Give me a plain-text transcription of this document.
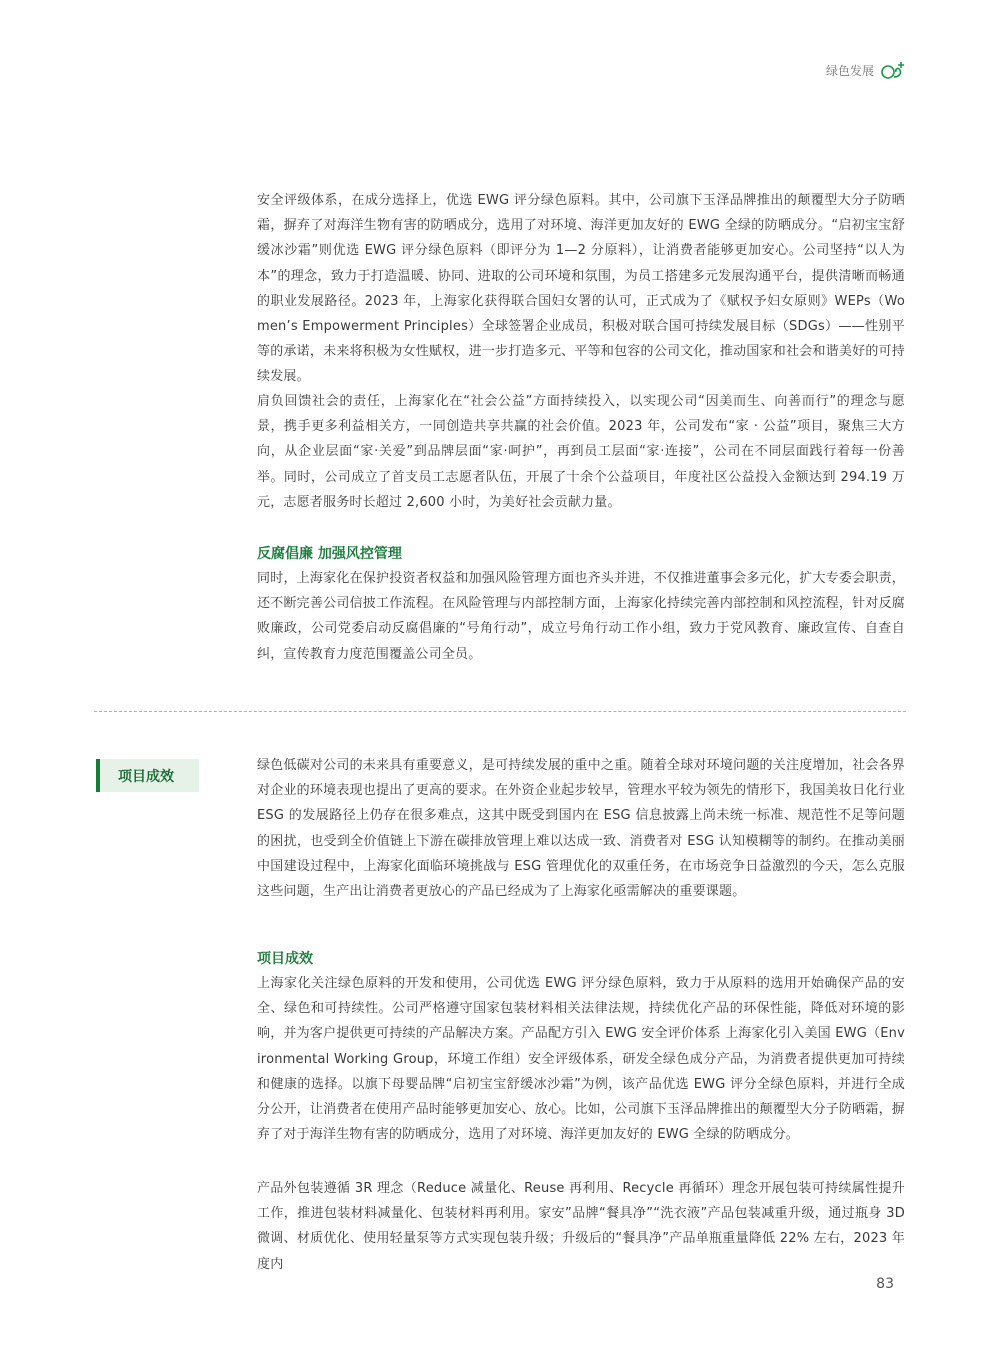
绿色发展

安全评级体系，在成分选择上，优选 EWG 评分绿色原料。其中，公司旗下玉泽品牌推出的颠覆型大分子防晒霜，摒弃了对海洋生物有害的防晒成分，选用了对环境、海洋更加友好的 EWG 全绿的防晒成分。“启初宝宝舒缓冰沙霜”则优选 EWG 评分绿色原料（即评分为 1—2 分原料），让消费者能够更加安心。公司坚持“以人为本”的理念，致力于打造温暖、协同、进取的公司环境和氛围，为员工搭建多元发展沟通平台，提供清晰而畅通的职业发展路径。2023 年，上海家化获得联合国妇女署的认可，正式成为了《赋权予妇女原则》WEPs（Women’s Empowerment Principles）全球签署企业成员，积极对联合国可持续发展目标（SDGs）——性别平等的承诺，未来将积极为女性赋权，进一步打造多元、平等和包容的公司文化，推动国家和社会和谐美好的可持续发展。

肩负回馈社会的责任，上海家化在“社会公益”方面持续投入，以实现公司“因美而生、向善而行”的理念与愿景，携手更多利益相关方，一同创造共享共赢的社会价值。2023 年，公司发布“家 · 公益”项目，聚焦三大方向，从企业层面“家·关爱”到品牌层面“家·呵护”，再到员工层面“家·连接”，公司在不同层面践行着每一份善举。同时，公司成立了首支员工志愿者队伍，开展了十余个公益项目，年度社区公益投入金额达到 294.19 万元，志愿者服务时长超过 2,600 小时，为美好社会贡献力量。

反腐倡廉 加强风控管理

同时，上海家化在保护投资者权益和加强风险管理方面也齐头并进，不仅推进董事会多元化，扩大专委会职责，还不断完善公司信披工作流程。在风险管理与内部控制方面，上海家化持续完善内部控制和风控流程，针对反腐败廉政，公司党委启动反腐倡廉的“号角行动”，成立号角行动工作小组，致力于党风教育、廉政宣传、自查自纠，宣传教育力度范围覆盖公司全员。

项目成效

绿色低碳对公司的未来具有重要意义，是可持续发展的重中之重。随着全球对环境问题的关注度增加，社会各界对企业的环境表现也提出了更高的要求。在外资企业起步较早，管理水平较为领先的情形下，我国美妆日化行业 ESG 的发展路径上仍存在很多难点，这其中既受到国内在 ESG 信息披露上尚未统一标准、规范性不足等问题的困扰，也受到全价值链上下游在碳排放管理上难以达成一致、消费者对 ESG 认知模糊等的制约。在推动美丽中国建设过程中，上海家化面临环境挑战与 ESG 管理优化的双重任务，在市场竞争日益激烈的今天，怎么克服这些问题，生产出让消费者更放心的产品已经成为了上海家化亟需解决的重要课题。

项目成效

上海家化关注绿色原料的开发和使用，公司优选 EWG 评分绿色原料，致力于从原料的选用开始确保产品的安全、绿色和可持续性。公司严格遵守国家包装材料相关法律法规，持续优化产品的环保性能，降低对环境的影响，并为客户提供更可持续的产品解决方案。产品配方引入 EWG 安全评价体系 上海家化引入美国 EWG（Environmental Working Group，环境工作组）安全评级体系，研发全绿色成分产品，为消费者提供更加可持续和健康的选择。以旗下母婴品牌“启初宝宝舒缓冰沙霜”为例，该产品优选 EWG 评分全绿色原料，并进行全成分公开，让消费者在使用产品时能够更加安心、放心。比如，公司旗下玉泽品牌推出的颠覆型大分子防晒霜，摒弃了对于海洋生物有害的防晒成分，选用了对环境、海洋更加友好的 EWG 全绿的防晒成分。

产品外包装遵循 3R 理念（Reduce 减量化、Reuse 再利用、Recycle 再循环）理念开展包装可持续属性提升工作，推进包装材料减量化、包装材料再利用。家安”品牌“餐具净”“洗衣液”产品包装减重升级，通过瓶身 3D 微调、材质优化、使用轻量泵等方式实现包装升级；升级后的“餐具净”产品单瓶重量降低 22% 左右，2023 年度内

83
